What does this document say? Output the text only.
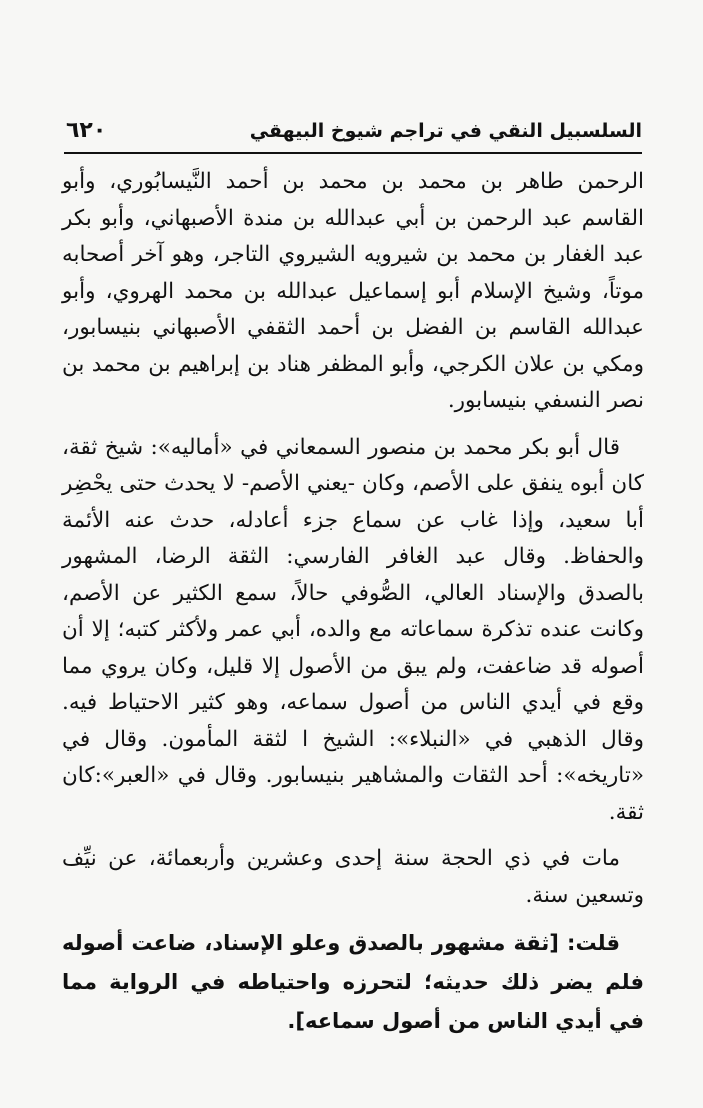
السلسبيل النقي في تراجم شيوخ البيهقي
٦٢٠

الرحمن طاهر بن محمد بن محمد بن أحمد النَّيسابُوري، وأبو القاسم عبد الرحمن بن أبي عبدالله بن مندة الأصبهاني، وأبو بكر عبد الغفار بن محمد بن شيرويه الشيروي التاجر، وهو آخر أصحابه موتاً، وشيخ الإسلام أبو إسماعيل عبدالله بن محمد الهروي، وأبو عبدالله القاسم بن الفضل بن أحمد الثقفي الأصبهاني بنيسابور، ومكي بن علان الكرجي، وأبو المظفر هناد بن إبراهيم بن محمد بن نصر النسفي بنيسابور.

قال أبو بكر محمد بن منصور السمعاني في «أماليه»: شيخ ثقة، كان أبوه ينفق على الأصم، وكان -يعني الأصم- لا يحدث حتى يحْضِر أبا سعيد، وإذا غاب عن سماع جزء أعادله، حدث عنه الأئمة والحفاظ. وقال عبد الغافر الفارسي: الثقة الرضا، المشهور بالصدق والإسناد العالي، الصُّوفي حالاً، سمع الكثير عن الأصم، وكانت عنده تذكرة سماعاته مع والده، أبي عمر ولأكثر كتبه؛ إلا أن أصوله قد ضاعفت، ولم يبق من الأصول إلا قليل، وكان يروي مما وقع في أيدي الناس من أصول سماعه، وهو كثير الاحتياط فيه. وقال الذهبي في «النبلاء»: الشيخ ا لثقة المأمون. وقال في «تاريخه»: أحد الثقات والمشاهير بنيسابور. وقال في «العبر»:كان ثقة.

مات في ذي الحجة سنة إحدى وعشرين وأربعمائة، عن نيِّف وتسعين سنة.

قلت: [ثقة مشهور بالصدق وعلو الإسناد، ضاعت أصوله فلم يضر ذلك حديثه؛ لتحرزه واحتياطه في الرواية مما في أيدي الناس من أصول سماعه].
